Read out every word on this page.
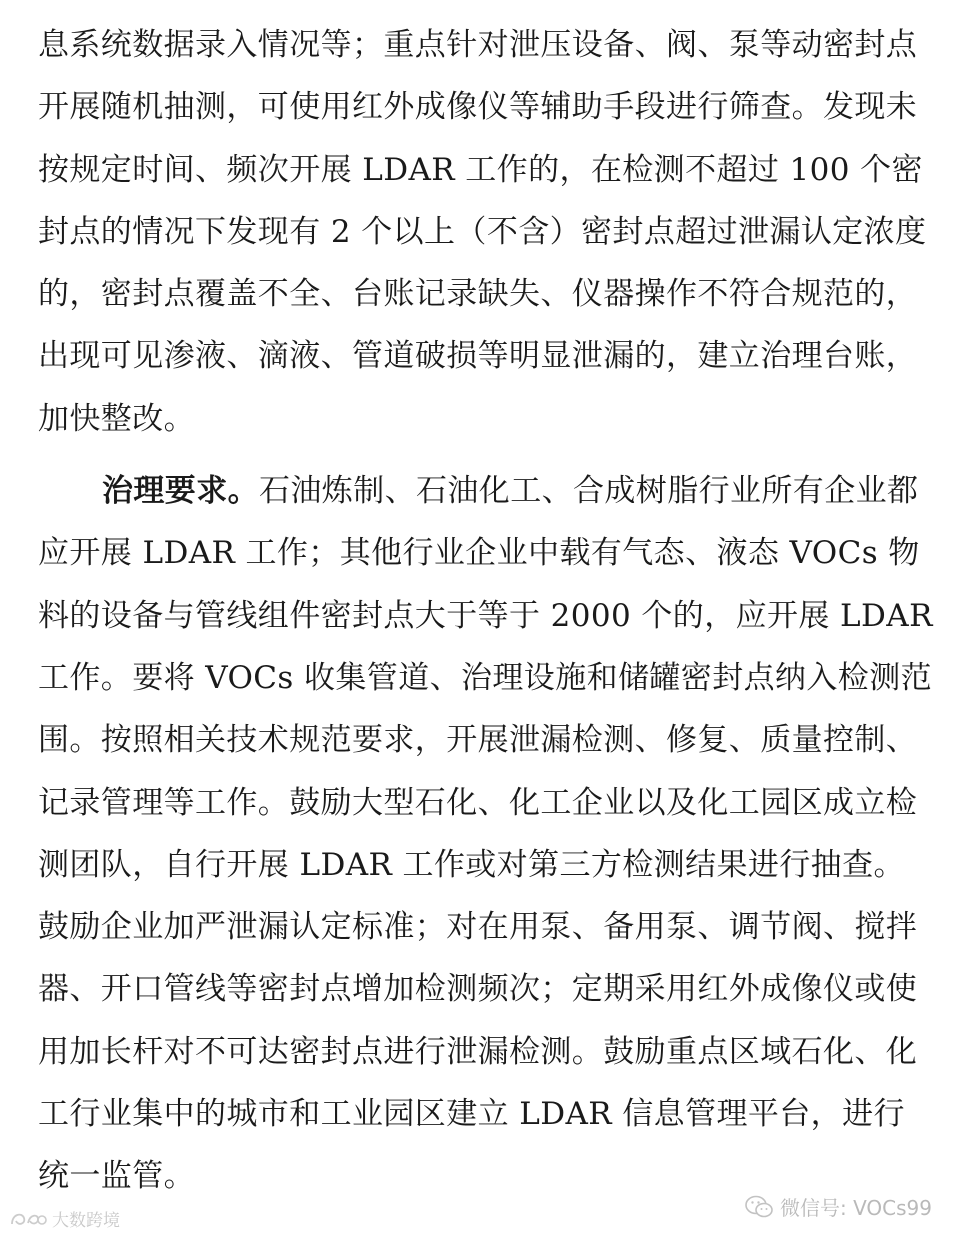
息系统数据录入情况等；重点针对泄压设备、阀、泵等动密封点
开展随机抽测，可使用红外成像仪等辅助手段进行筛查。发现未
按规定时间、频次开展 LDAR 工作的，在检测不超过 100 个密
封点的情况下发现有 2 个以上（不含）密封点超过泄漏认定浓度
的，密封点覆盖不全、台账记录缺失、仪器操作不符合规范的，
出现可见渗液、滴液、管道破损等明显泄漏的，建立治理台账，
加快整改。
治理要求。石油炼制、石油化工、合成树脂行业所有企业都
应开展 LDAR 工作；其他行业企业中载有气态、液态 VOCs 物
料的设备与管线组件密封点大于等于 2000 个的，应开展 LDAR
工作。要将 VOCs 收集管道、治理设施和储罐密封点纳入检测范
围。按照相关技术规范要求，开展泄漏检测、修复、质量控制、
记录管理等工作。鼓励大型石化、化工企业以及化工园区成立检
测团队，自行开展 LDAR 工作或对第三方检测结果进行抽查。
鼓励企业加严泄漏认定标准；对在用泵、备用泵、调节阀、搅拌
器、开口管线等密封点增加检测频次；定期采用红外成像仪或使
用加长杆对不可达密封点进行泄漏检测。鼓励重点区域石化、化
工行业集中的城市和工业园区建立 LDAR 信息管理平台，进行
统一监管。
微信号: VOCs99
大数跨境
